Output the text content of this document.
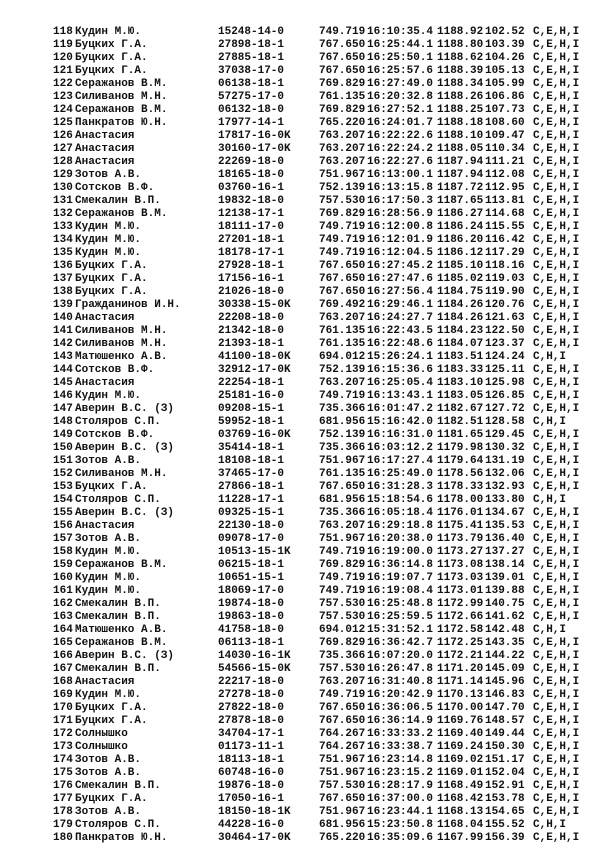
118 Кудин М.Ю.	15248-14-0	749.719 16:10:35.4 1188.92 102.52 C,E,H,I
119 Буцких Г.А.	27898-18-1	767.650 16:25:44.1 1188.80 103.39 C,E,H,I
120 Буцких Г.А.	27885-18-1	767.650 16:25:50.1 1188.62 104.26 C,E,H,I
121 Буцких Г.А.	37038-17-0	767.650 16:25:57.6 1188.39 105.13 C,E,H,I
122 Серажанов В.М.	06138-18-1	769.829 16:27:49.0 1188.34 105.99 C,E,H,I
123 Силиванов М.Н.	57275-17-0	761.135 16:20:32.8 1188.26 106.86 C,E,H,I
124 Серажанов В.М.	06132-18-0	769.829 16:27:52.1 1188.25 107.73 C,E,H,I
125 Панкратов Ю.Н.	17977-14-1	765.220 16:24:01.7 1188.18 108.60 C,E,H,I
126 Анастасия	17817-16-0K	763.207 16:22:22.6 1188.10 109.47 C,E,H,I
127 Анастасия	30160-17-0K	763.207 16:22:24.2 1188.05 110.34 C,E,H,I
128 Анастасия	22269-18-0	763.207 16:22:27.6 1187.94 111.21 C,E,H,I
129 Зотов А.В.	18165-18-0	751.967 16:13:00.1 1187.94 112.08 C,E,H,I
130 Сотсков В.Ф.	03760-16-1	752.139 16:13:15.8 1187.72 112.95 C,E,H,I
131 Смекалин В.П.	19832-18-0	757.530 16:17:50.3 1187.65 113.81 C,E,H,I
132 Серажанов В.М.	12138-17-1	769.829 16:28:56.9 1186.27 114.68 C,E,H,I
133 Кудин М.Ю.	18111-17-0	749.719 16:12:00.8 1186.24 115.55 C,E,H,I
134 Кудин М.Ю.	27201-18-1	749.719 16:12:01.9 1186.20 116.42 C,E,H,I
135 Кудин М.Ю.	18178-17-1	749.719 16:12:04.5 1186.12 117.29 C,E,H,I
136 Буцких Г.А.	27928-18-1	767.650 16:27:45.2 1185.10 118.16 C,E,H,I
137 Буцких Г.А.	17156-16-1	767.650 16:27:47.6 1185.02 119.03 C,E,H,I
138 Буцких Г.А.	21026-18-0	767.650 16:27:56.4 1184.75 119.90 C,E,H,I
139 Гражданинов И.Н.	30338-15-0K	769.492 16:29:46.1 1184.26 120.76 C,E,H,I
140 Анастасия	22208-18-0	763.207 16:24:27.7 1184.26 121.63 C,E,H,I
141 Силиванов М.Н.	21342-18-0	761.135 16:22:43.5 1184.23 122.50 C,E,H,I
142 Силиванов М.Н.	21393-18-1	761.135 16:22:48.6 1184.07 123.37 C,E,H,I
143 Матюшенко А.В.	41100-18-0K	694.012 15:26:24.1 1183.51 124.24 C,H,I
144 Сотсков В.Ф.	32912-17-0K	752.139 16:15:36.6 1183.33 125.11 C,E,H,I
145 Анастасия	22254-18-1	763.207 16:25:05.4 1183.10 125.98 C,E,H,I
146 Кудин М.Ю.	25181-16-0	749.719 16:13:43.1 1183.05 126.85 C,E,H,I
147 Аверин В.С. (З)	09208-15-1	735.366 16:01:47.2 1182.67 127.72 C,E,H,I
148 Столяров С.П.	59952-18-1	681.956 15:16:42.0 1182.51 128.58 C,H,I
149 Сотсков В.Ф.	03769-16-0K	752.139 16:16:31.0 1181.65 129.45 C,E,H,I
150 Аверин В.С. (З)	35414-18-1	735.366 16:03:12.2 1179.98 130.32 C,E,H,I
151 Зотов А.В.	18108-18-1	751.967 16:17:27.4 1179.64 131.19 C,E,H,I
152 Силиванов М.Н.	37465-17-0	761.135 16:25:49.0 1178.56 132.06 C,E,H,I
153 Буцких Г.А.	27866-18-1	767.650 16:31:28.3 1178.33 132.93 C,E,H,I
154 Столяров С.П.	11228-17-1	681.956 15:18:54.6 1178.00 133.80 C,H,I
155 Аверин В.С. (З)	09325-15-1	735.366 16:05:18.4 1176.01 134.67 C,E,H,I
156 Анастасия	22130-18-0	763.207 16:29:18.8 1175.41 135.53 C,E,H,I
157 Зотов А.В.	09078-17-0	751.967 16:20:38.0 1173.79 136.40 C,E,H,I
158 Кудин М.Ю.	10513-15-1K	749.719 16:19:00.0 1173.27 137.27 C,E,H,I
159 Серажанов В.М.	06215-18-1	769.829 16:36:14.8 1173.08 138.14 C,E,H,I
160 Кудин М.Ю.	10651-15-1	749.719 16:19:07.7 1173.03 139.01 C,E,H,I
161 Кудин М.Ю.	18069-17-0	749.719 16:19:08.4 1173.01 139.88 C,E,H,I
162 Смекалин В.П.	19874-18-0	757.530 16:25:48.8 1172.99 140.75 C,E,H,I
163 Смекалин В.П.	19863-18-0	757.530 16:25:59.5 1172.66 141.62 C,E,H,I
164 Матюшенко А.В.	41758-18-0	694.012 15:31:52.1 1172.58 142.48 C,H,I
165 Серажанов В.М.	06113-18-1	769.829 16:36:42.7 1172.25 143.35 C,E,H,I
166 Аверин В.С. (З)	14030-16-1K	735.366 16:07:20.0 1172.21 144.22 C,E,H,I
167 Смекалин В.П.	54566-15-0K	757.530 16:26:47.8 1171.20 145.09 C,E,H,I
168 Анастасия	22217-18-0	763.207 16:31:40.8 1171.14 145.96 C,E,H,I
169 Кудин М.Ю.	27278-18-0	749.719 16:20:42.9 1170.13 146.83 C,E,H,I
170 Буцких Г.А.	27822-18-0	767.650 16:36:06.5 1170.00 147.70 C,E,H,I
171 Буцких Г.А.	27878-18-0	767.650 16:36:14.9 1169.76 148.57 C,E,H,I
172 Солнышко	34704-17-1	764.267 16:33:33.2 1169.40 149.44 C,E,H,I
173 Солнышко	01173-11-1	764.267 16:33:38.7 1169.24 150.30 C,E,H,I
174 Зотов А.В.	18113-18-1	751.967 16:23:14.8 1169.02 151.17 C,E,H,I
175 Зотов А.В.	60748-16-0	751.967 16:23:15.2 1169.01 152.04 C,E,H,I
176 Смекалин В.П.	19876-18-0	757.530 16:28:17.9 1168.49 152.91 C,E,H,I
177 Буцких Г.А.	17050-16-1	767.650 16:37:00.0 1168.42 153.78 C,E,H,I
178 Зотов А.В.	18150-18-1K	751.967 16:23:44.1 1168.13 154.65 C,E,H,I
179 Столяров С.П.	44228-16-0	681.956 15:23:50.8 1168.04 155.52 C,H,I
180 Панкратов Ю.Н.	30464-17-0K	765.220 16:35:09.6 1167.99 156.39 C,E,H,I
